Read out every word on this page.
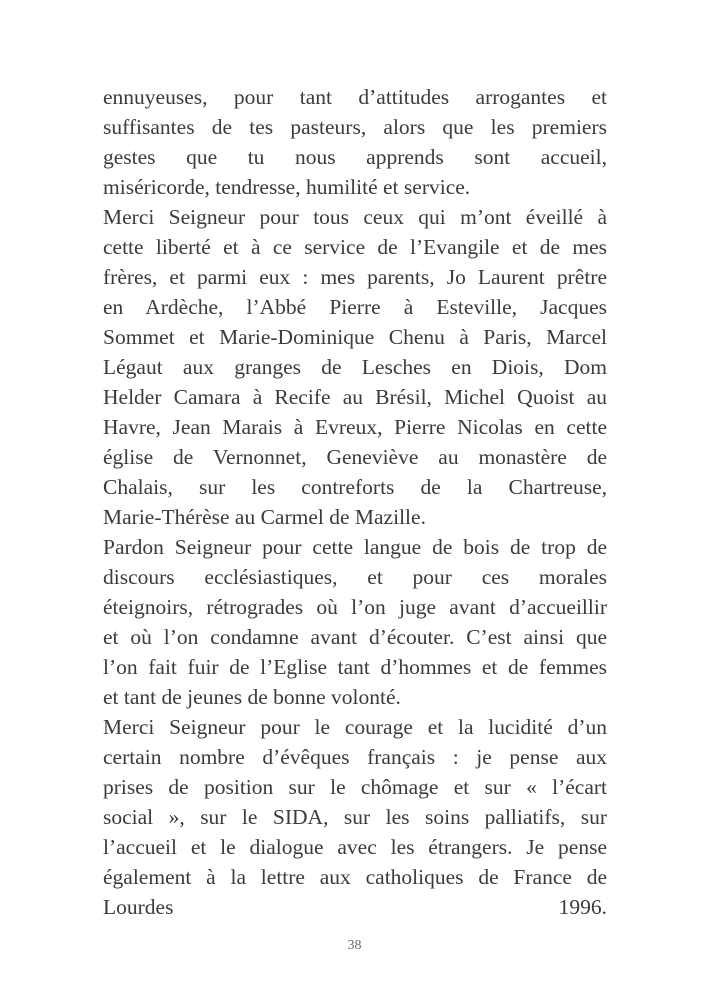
ennuyeuses, pour tant d’attitudes arrogantes et
suffisantes de tes pasteurs, alors que les premiers
gestes que tu nous apprends sont accueil,
miséricorde, tendresse, humilité et service.
Merci Seigneur pour tous ceux qui m’ont éveillé à
cette liberté et à ce service de l’Evangile et de mes
frères, et parmi eux : mes parents, Jo Laurent prêtre
en Ardèche, l’Abbé Pierre à Esteville, Jacques
Sommet et Marie-Dominique Chenu à Paris, Marcel
Légaut aux granges de Lesches en Diois, Dom
Helder Camara à Recife au Brésil, Michel Quoist au
Havre, Jean Marais à Evreux, Pierre Nicolas en cette
église de Vernonnet, Geneviève au monastère de
Chalais, sur les contreforts de la Chartreuse,
Marie-Thérèse au Carmel de Mazille.
Pardon Seigneur pour cette langue de bois de trop de
discours ecclésiastiques, et pour ces morales
éteignoirs, rétrogrades où l’on juge avant d’accueillir
et où l’on condamne avant d’écouter. C’est ainsi que
l’on fait fuir de l’Eglise tant d’hommes et de femmes
et tant de jeunes de bonne volonté.
Merci Seigneur pour le courage et la lucidité d’un
certain nombre d’évêques français : je pense aux
prises de position sur le chômage et sur « l’écart
social », sur le SIDA, sur les soins palliatifs, sur
l’accueil et le dialogue avec les étrangers. Je pense
également à la lettre aux catholiques de France de
Lourdes	1996.
38
